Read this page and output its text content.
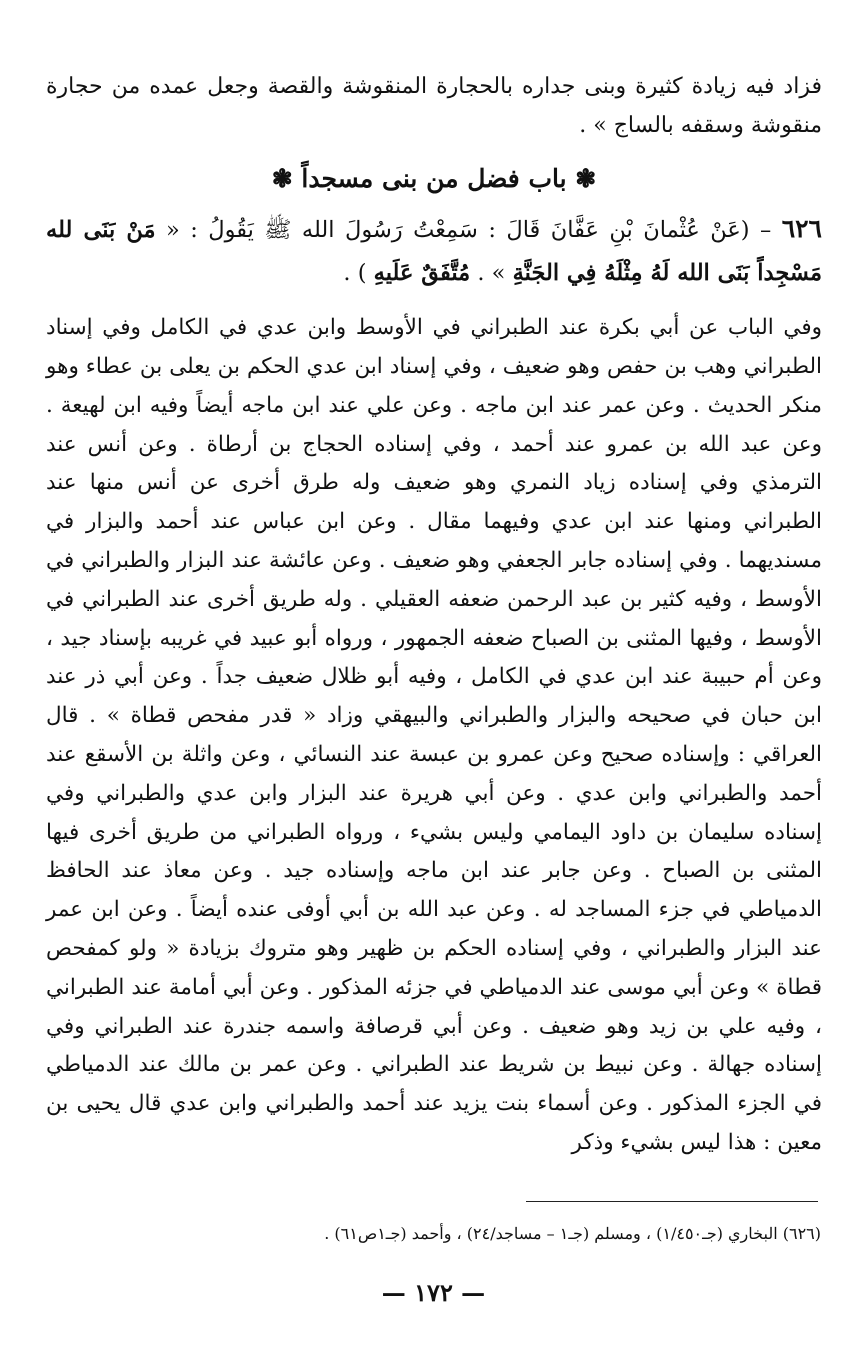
فزاد فيه زيادة كثيرة وبنى جداره بالحجارة المنقوشة والقصة وجعل عمده من حجارة منقوشة وسقفه بالساج » .

❃ باب فضل من بنى مسجداً ❃

٦٢٦ – (عَنْ عُثْمانَ بْنِ عَفَّانَ قَالَ : سَمِعْتُ رَسُولَ الله ﷺ يَقُولُ : « مَنْ بَنَى لله مَسْجِداً بَنَى الله لَهُ مِثْلَهُ فِي الجَنَّةِ » . مُتَّفَقٌ عَلَيهِ ) .

وفي الباب عن أبي بكرة عند الطبراني في الأوسط وابن عدي في الكامل وفي إسناد الطبراني وهب بن حفص وهو ضعيف ، وفي إسناد ابن عدي الحكم بن يعلى بن عطاء وهو منكر الحديث . وعن عمر عند ابن ماجه . وعن علي عند ابن ماجه أيضاً وفيه ابن لهيعة . وعن عبد الله بن عمرو عند أحمد ، وفي إسناده الحجاج بن أرطاة . وعن أنس عند الترمذي وفي إسناده زياد النمري وهو ضعيف وله طرق أخرى عن أنس منها عند الطبراني ومنها عند ابن عدي وفيهما مقال . وعن ابن عباس عند أحمد والبزار في مسنديهما . وفي إسناده جابر الجعفي وهو ضعيف . وعن عائشة عند البزار والطبراني في الأوسط ، وفيه كثير بن عبد الرحمن ضعفه العقيلي . وله طريق أخرى عند الطبراني في الأوسط ، وفيها المثنى بن الصباح ضعفه الجمهور ، ورواه أبو عبيد في غريبه بإسناد جيد ، وعن أم حبيبة عند ابن عدي في الكامل ، وفيه أبو ظلال ضعيف جداً . وعن أبي ذر عند ابن حبان في صحيحه والبزار والطبراني والبيهقي وزاد « قدر مفحص قطاة » . قال العراقي : وإسناده صحيح وعن عمرو بن عبسة عند النسائي ، وعن واثلة بن الأسقع عند أحمد والطبراني وابن عدي . وعن أبي هريرة عند البزار وابن عدي والطبراني وفي إسناده سليمان بن داود اليمامي وليس بشيء ، ورواه الطبراني من طريق أخرى فيها المثنى بن الصباح . وعن جابر عند ابن ماجه وإسناده جيد . وعن معاذ عند الحافظ الدمياطي في جزء المساجد له . وعن عبد الله بن أبي أوفى عنده أيضاً . وعن ابن عمر عند البزار والطبراني ، وفي إسناده الحكم بن ظهير وهو متروك بزيادة « ولو كمفحص قطاة » وعن أبي موسى عند الدمياطي في جزئه المذكور . وعن أبي أمامة عند الطبراني ، وفيه علي بن زيد وهو ضعيف . وعن أبي قرصافة واسمه جندرة عند الطبراني وفي إسناده جهالة . وعن نبيط بن شريط عند الطبراني . وعن عمر بن مالك عند الدمياطي في الجزء المذكور . وعن أسماء بنت يزيد عند أحمد والطبراني وابن عدي قال يحيى بن معين : هذا ليس بشيء وذكر

(٦٢٦) البخاري (جـ١/٤٥٠) ، ومسلم (جـ١ – مساجد/٢٤) ، وأحمد (جـ١ص٦١) .
— ١٧٢ —
